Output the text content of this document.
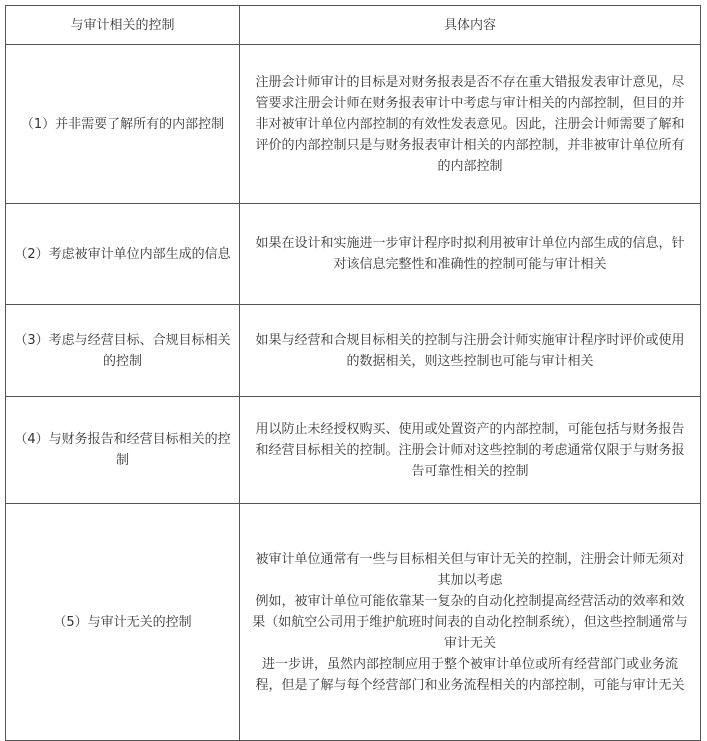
与审计相关的控制	具体内容
（1）并非需要了解所有的内部控制	注册会计师审计的目标是对财务报表是否不存在重大错报发表审计意见，尽管要求注册会计师在财务报表审计中考虑与审计相关的内部控制，但目的并非对被审计单位内部控制的有效性发表意见。因此，注册会计师需要了解和评价的内部控制只是与财务报表审计相关的内部控制，并非被审计单位所有的内部控制

（2）考虑被审计单位内部生成的信息	如果在设计和实施进一步审计程序时拟利用被审计单位内部生成的信息，针对该信息完整性和准确性的控制可能与审计相关

（3）考虑与经营目标、合规目标相关的控制	如果与经营和合规目标相关的控制与注册会计师实施审计程序时评价或使用的数据相关，则这些控制也可能与审计相关

（4）与财务报告和经营目标相关的控制	用以防止未经授权购买、使用或处置资产的内部控制，可能包括与财务报告和经营目标相关的控制。注册会计师对这些控制的考虑通常仅限于与财务报告可靠性相关的控制

（5）与审计无关的控制	被审计单位通常有一些与目标相关但与审计无关的控制，注册会计师无须对其加以考虑
例如，被审计单位可能依靠某一复杂的自动化控制提高经营活动的效率和效果（如航空公司用于维护航班时间表的自动化控制系统），但这些控制通常与审计无关
进一步讲，虽然内部控制应用于整个被审计单位或所有经营部门或业务流程，但是了解与每个经营部门和业务流程相关的内部控制，可能与审计无关
